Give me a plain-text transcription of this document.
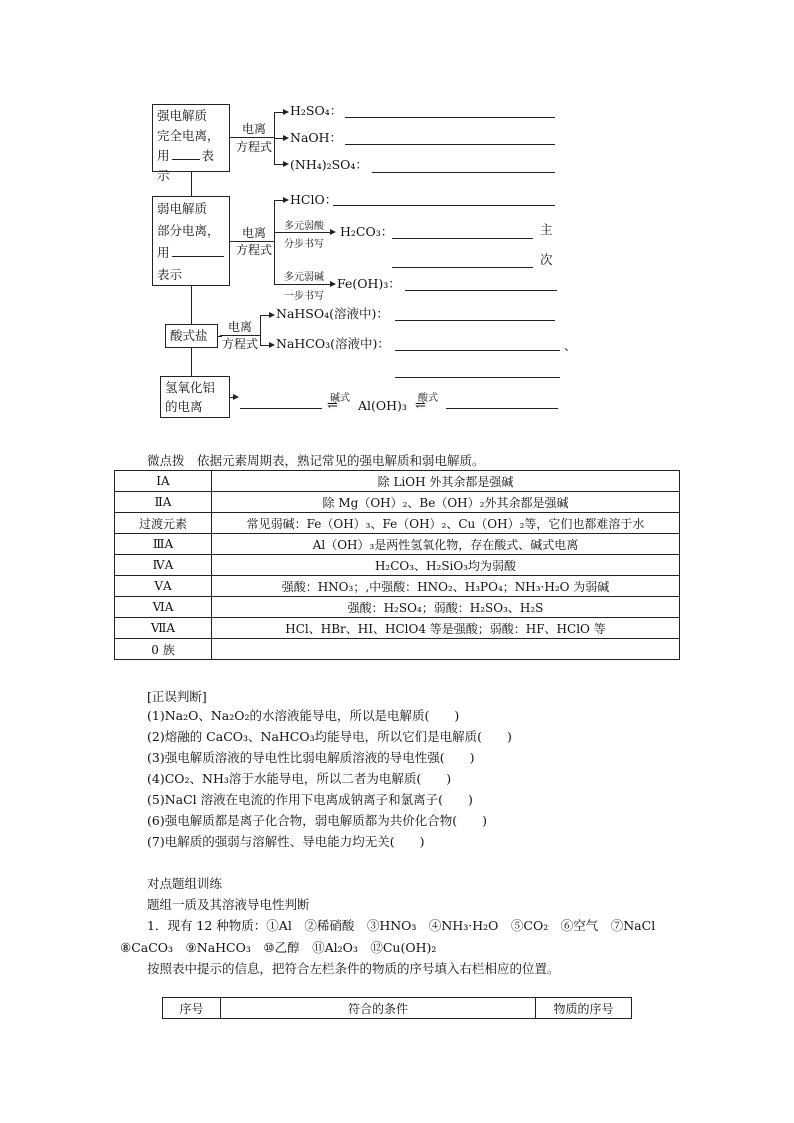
强电解质
完全电离，
用	表示
电离
方程式
H₂SO₄：
NaOH：
(NH₄)₂SO₄：
弱电解质
部分电离，
用
表示
电离
方程式
HClO：
多元弱酸
分步书写
H₂CO₃：	主
次
多元弱碱
一步书写
Fe(OH)₃：
酸式盐
电离
方程式
NaHSO₄(溶液中)：
NaHCO₃(溶液中)：	、
氢氧化铝
的电离
碱式
⇌ Al(OH)₃ 酸式
⇌
微点拨　依据元素周期表，熟记常见的强电解质和弱电解质。
ⅠA	除 LiOH 外其余都是强碱
ⅡA	除 Mg（OH）₂、Be（OH）₂外其余都是强碱
过渡元素	常见弱碱：Fe（OH）₃、Fe（OH）₂、Cu（OH）₂等，它们也都难溶于水
ⅢA	Al（OH）₃是两性氢氧化物，存在酸式、碱式电离
ⅣA	H₂CO₃、H₂SiO₃均为弱酸
ⅤA	强酸：HNO₃；,中强酸：HNO₂、H₃PO₄；NH₃·H₂O 为弱碱
ⅥA	强酸：H₂SO₄；弱酸：H₂SO₃、H₂S
ⅦA	HCl、HBr、HI、HClO4 等是强酸；弱酸：HF、HClO 等
0 族	
[正误判断]
(1)Na₂O、Na₂O₂的水溶液能导电，所以是电解质(　　)
(2)熔融的 CaCO₃、NaHCO₃均能导电，所以它们是电解质(　　)
(3)强电解质溶液的导电性比弱电解质溶液的导电性强(　　)
(4)CO₂、NH₃溶于水能导电，所以二者为电解质(　　)
(5)NaCl 溶液在电流的作用下电离成钠离子和氯离子(　　)
(6)强电解质都是离子化合物，弱电解质都为共价化合物(　　)
(7)电解质的强弱与溶解性、导电能力均无关(　　)
对点题组训练
题组一质及其溶液导电性判断
1．现有 12 种物质：①Al　②稀硝酸　③HNO₃　④NH₃·H₂O　⑤CO₂　⑥空气　⑦NaCl
⑧CaCO₃　⑨NaHCO₃　⑩乙醇　⑪Al₂O₃　⑫Cu(OH)₂
按照表中提示的信息，把符合左栏条件的物质的序号填入右栏相应的位置。
序号	符合的条件	物质的序号
